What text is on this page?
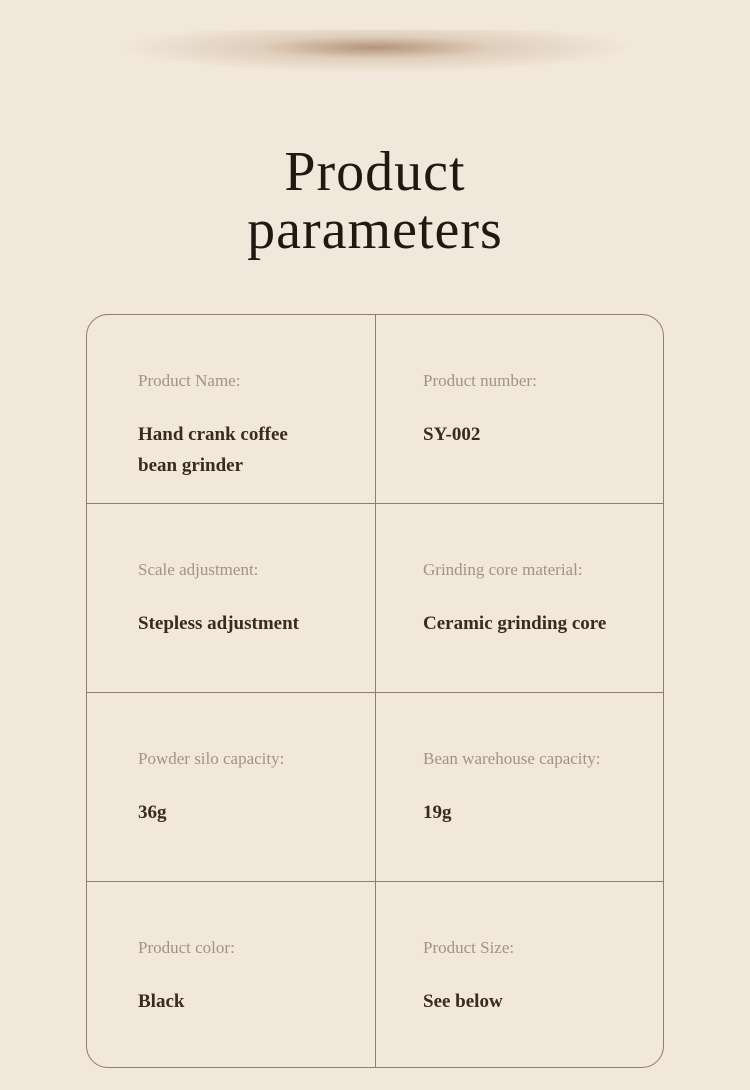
Product
parameters
Product Name:
Hand crank coffee bean grinder
Product number:
SY-002
Scale adjustment:
Stepless adjustment
Grinding core material:
Ceramic grinding core
Powder silo capacity:
36g
Bean warehouse capacity:
19g
Product color:
Black
Product Size:
See below
